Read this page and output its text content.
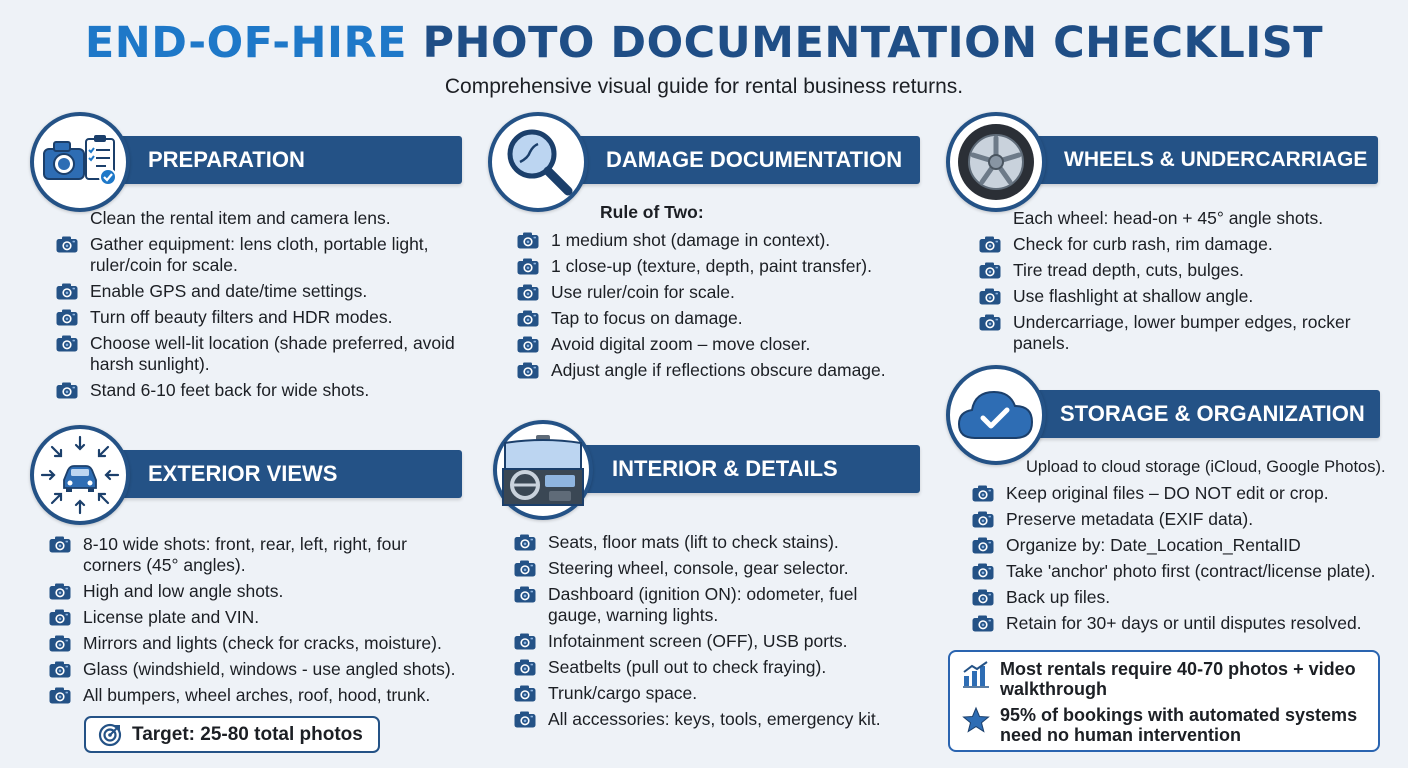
END-OF-HIRE PHOTO DOCUMENTATION CHECKLIST
Comprehensive visual guide for rental business returns.
PREPARATION
Clean the rental item and camera lens.
Gather equipment: lens cloth, portable light, ruler/coin for scale.
Enable GPS and date/time settings.
Turn off beauty filters and HDR modes.
Choose well-lit location (shade preferred, avoid harsh sunlight).
Stand 6-10 feet back for wide shots.
DAMAGE DOCUMENTATION
Rule of Two:
1 medium shot (damage in context).
1 close-up (texture, depth, paint transfer).
Use ruler/coin for scale.
Tap to focus on damage.
Avoid digital zoom – move closer.
Adjust angle if reflections obscure damage.
WHEELS & UNDERCARRIAGE
Each wheel: head-on + 45° angle shots.
Check for curb rash, rim damage.
Tire tread depth, cuts, bulges.
Use flashlight at shallow angle.
Undercarriage, lower bumper edges, rocker panels.
EXTERIOR VIEWS
8-10 wide shots: front, rear, left, right, four corners (45° angles).
High and low angle shots.
License plate and VIN.
Mirrors and lights (check for cracks, moisture).
Glass (windshield, windows - use angled shots).
All bumpers, wheel arches, roof, hood, trunk.
Target: 25-80 total photos
INTERIOR & DETAILS
Seats, floor mats (lift to check stains).
Steering wheel, console, gear selector.
Dashboard (ignition ON): odometer, fuel gauge, warning lights.
Infotainment screen (OFF), USB ports.
Seatbelts (pull out to check fraying).
Trunk/cargo space.
All accessories: keys, tools, emergency kit.
STORAGE & ORGANIZATION
Upload to cloud storage (iCloud, Google Photos).
Keep original files – DO NOT edit or crop.
Preserve metadata (EXIF data).
Organize by: Date_Location_RentalID
Take 'anchor' photo first (contract/license plate).
Back up files.
Retain for 30+ days or until disputes resolved.
Most rentals require 40-70 photos + video walkthrough
95% of bookings with automated systems need no human intervention
